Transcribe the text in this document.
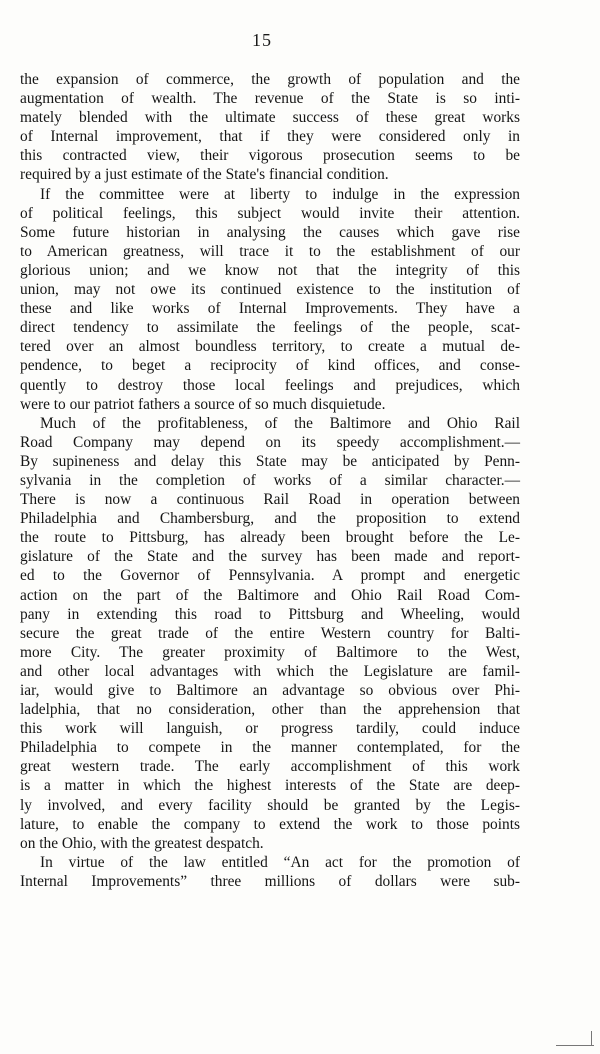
15
the expansion of commerce, the growth of population and the
augmentation of wealth. The revenue of the State is so inti-
mately blended with the ultimate success of these great works
of Internal improvement, that if they were considered only in
this contracted view, their vigorous prosecution seems to be
required by a just estimate of the State's financial condition.
If the committee were at liberty to indulge in the expression
of political feelings, this subject would invite their attention.
Some future historian in analysing the causes which gave rise
to American greatness, will trace it to the establishment of our
glorious union; and we know not that the integrity of this
union, may not owe its continued existence to the institution of
these and like works of Internal Improvements. They have a
direct tendency to assimilate the feelings of the people, scat-
tered over an almost boundless territory, to create a mutual de-
pendence, to beget a reciprocity of kind offices, and conse-
quently to destroy those local feelings and prejudices, which
were to our patriot fathers a source of so much disquietude.
Much of the profitableness, of the Baltimore and Ohio Rail
Road Company may depend on its speedy accomplishment.—
By supineness and delay this State may be anticipated by Penn-
sylvania in the completion of works of a similar character.—
There is now a continuous Rail Road in operation between
Philadelphia and Chambersburg, and the proposition to extend
the route to Pittsburg, has already been brought before the Le-
gislature of the State and the survey has been made and report-
ed to the Governor of Pennsylvania. A prompt and energetic
action on the part of the Baltimore and Ohio Rail Road Com-
pany in extending this road to Pittsburg and Wheeling, would
secure the great trade of the entire Western country for Balti-
more City. The greater proximity of Baltimore to the West,
and other local advantages with which the Legislature are famil-
iar, would give to Baltimore an advantage so obvious over Phi-
ladelphia, that no consideration, other than the apprehension that
this work will languish, or progress tardily, could induce
Philadelphia to compete in the manner contemplated, for the
great western trade. The early accomplishment of this work
is a matter in which the highest interests of the State are deep-
ly involved, and every facility should be granted by the Legis-
lature, to enable the company to extend the work to those points
on the Ohio, with the greatest despatch.
In virtue of the law entitled “An act for the promotion of
Internal Improvements” three millions of dollars were sub-
